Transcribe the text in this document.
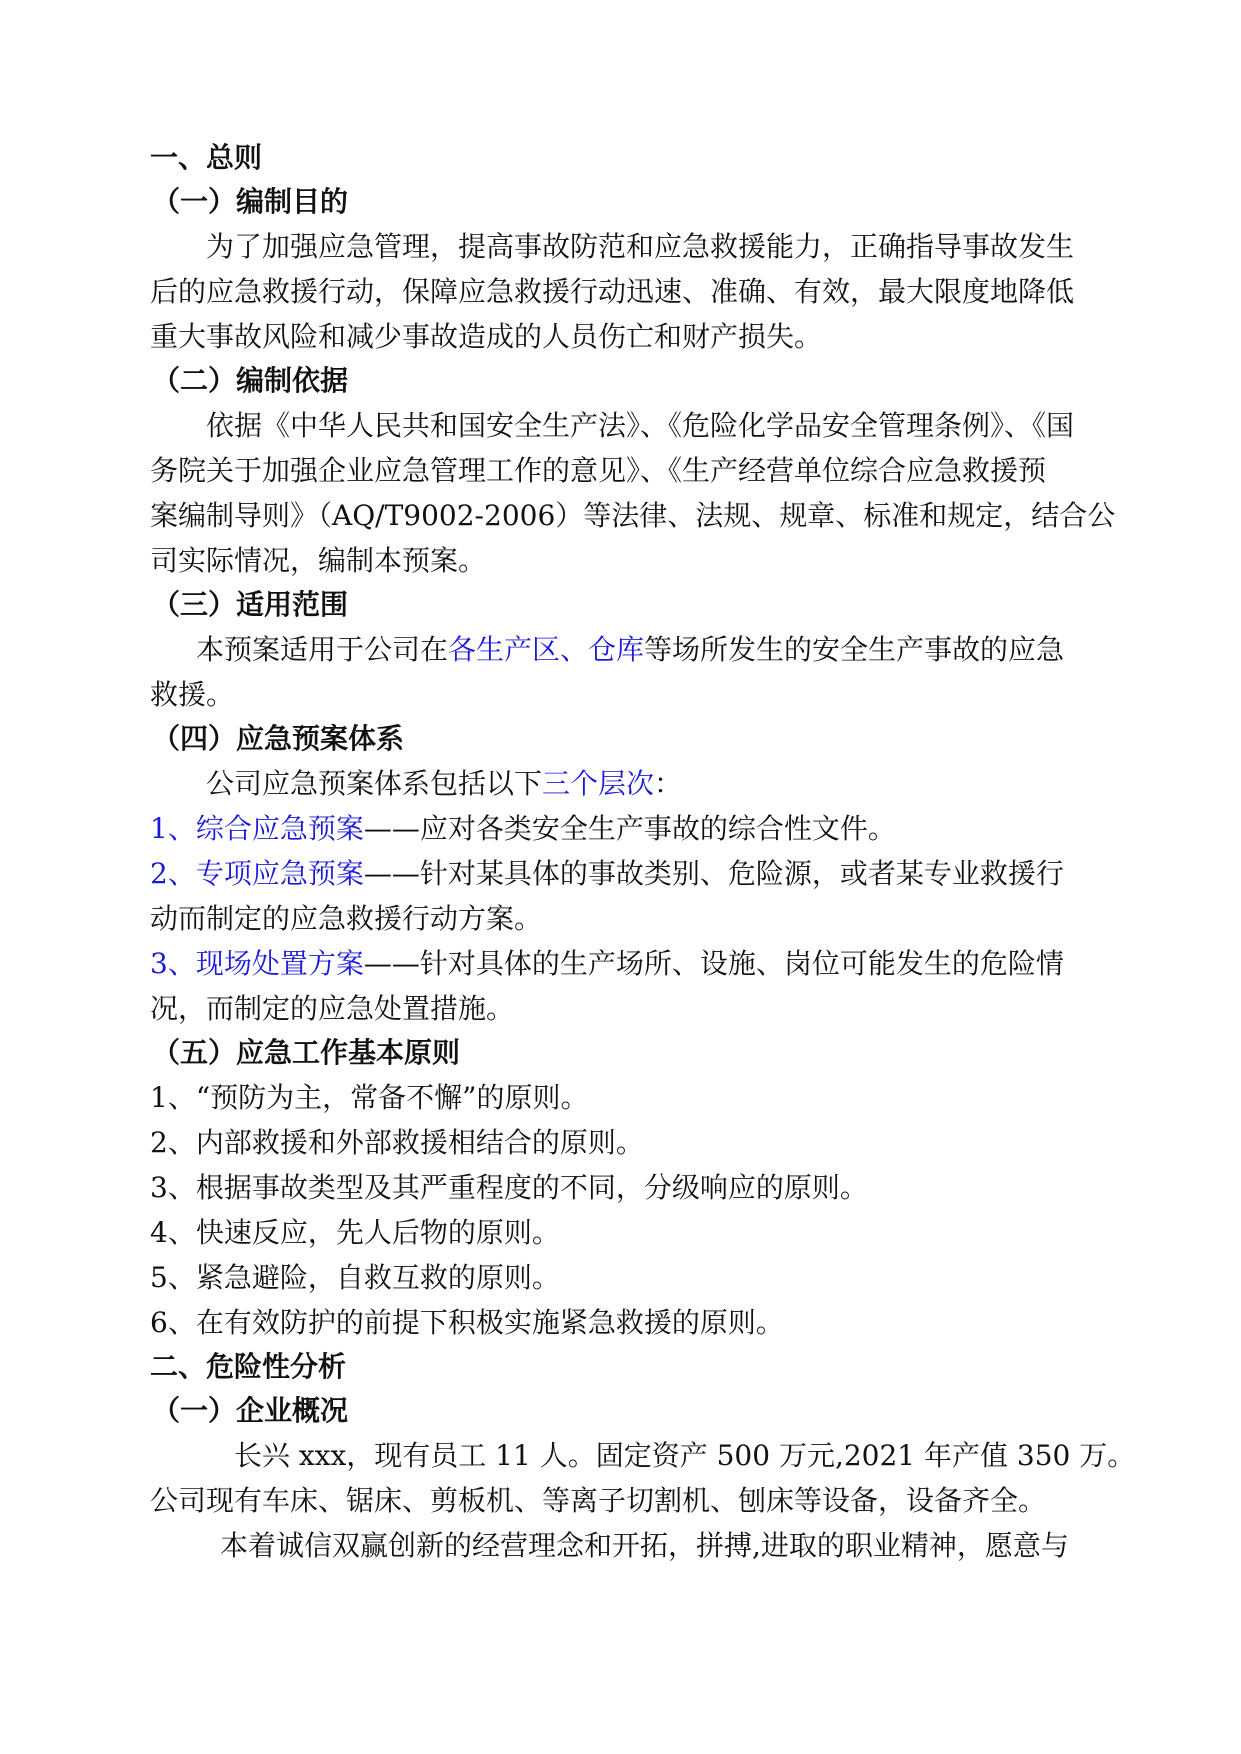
一、总则
（一）编制目的
为了加强应急管理，提高事故防范和应急救援能力，正确指导事故发生
后的应急救援行动，保障应急救援行动迅速、准确、有效，最大限度地降低
重大事故风险和减少事故造成的人员伤亡和财产损失。
（二）编制依据
依据《中华人民共和国安全生产法》、《危险化学品安全管理条例》、《国
务院关于加强企业应急管理工作的意见》、《生产经营单位综合应急救援预
案编制导则》（AQ/T9002-2006）等法律、法规、规章、标准和规定，结合公
司实际情况，编制本预案。
（三）适用范围
本预案适用于公司在各生产区、仓库等场所发生的安全生产事故的应急
救援。
（四）应急预案体系
公司应急预案体系包括以下三个层次：
1、综合应急预案——应对各类安全生产事故的综合性文件。
2、专项应急预案——针对某具体的事故类别、危险源，或者某专业救援行
动而制定的应急救援行动方案。
3、现场处置方案——针对具体的生产场所、设施、岗位可能发生的危险情
况，而制定的应急处置措施。
（五）应急工作基本原则
1、“预防为主，常备不懈”的原则。
2、内部救援和外部救援相结合的原则。
3、根据事故类型及其严重程度的不同，分级响应的原则。
4、快速反应，先人后物的原则。
5、紧急避险，自救互救的原则。
6、在有效防护的前提下积极实施紧急救援的原则。
二、危险性分析
（一）企业概况
长兴 xxx，现有员工 11 人。固定资产 500 万元,2021 年产值 350 万。
公司现有车床、锯床、剪板机、等离子切割机、刨床等设备，设备齐全。
本着诚信双赢创新的经营理念和开拓，拼搏,进取的职业精神，愿意与
